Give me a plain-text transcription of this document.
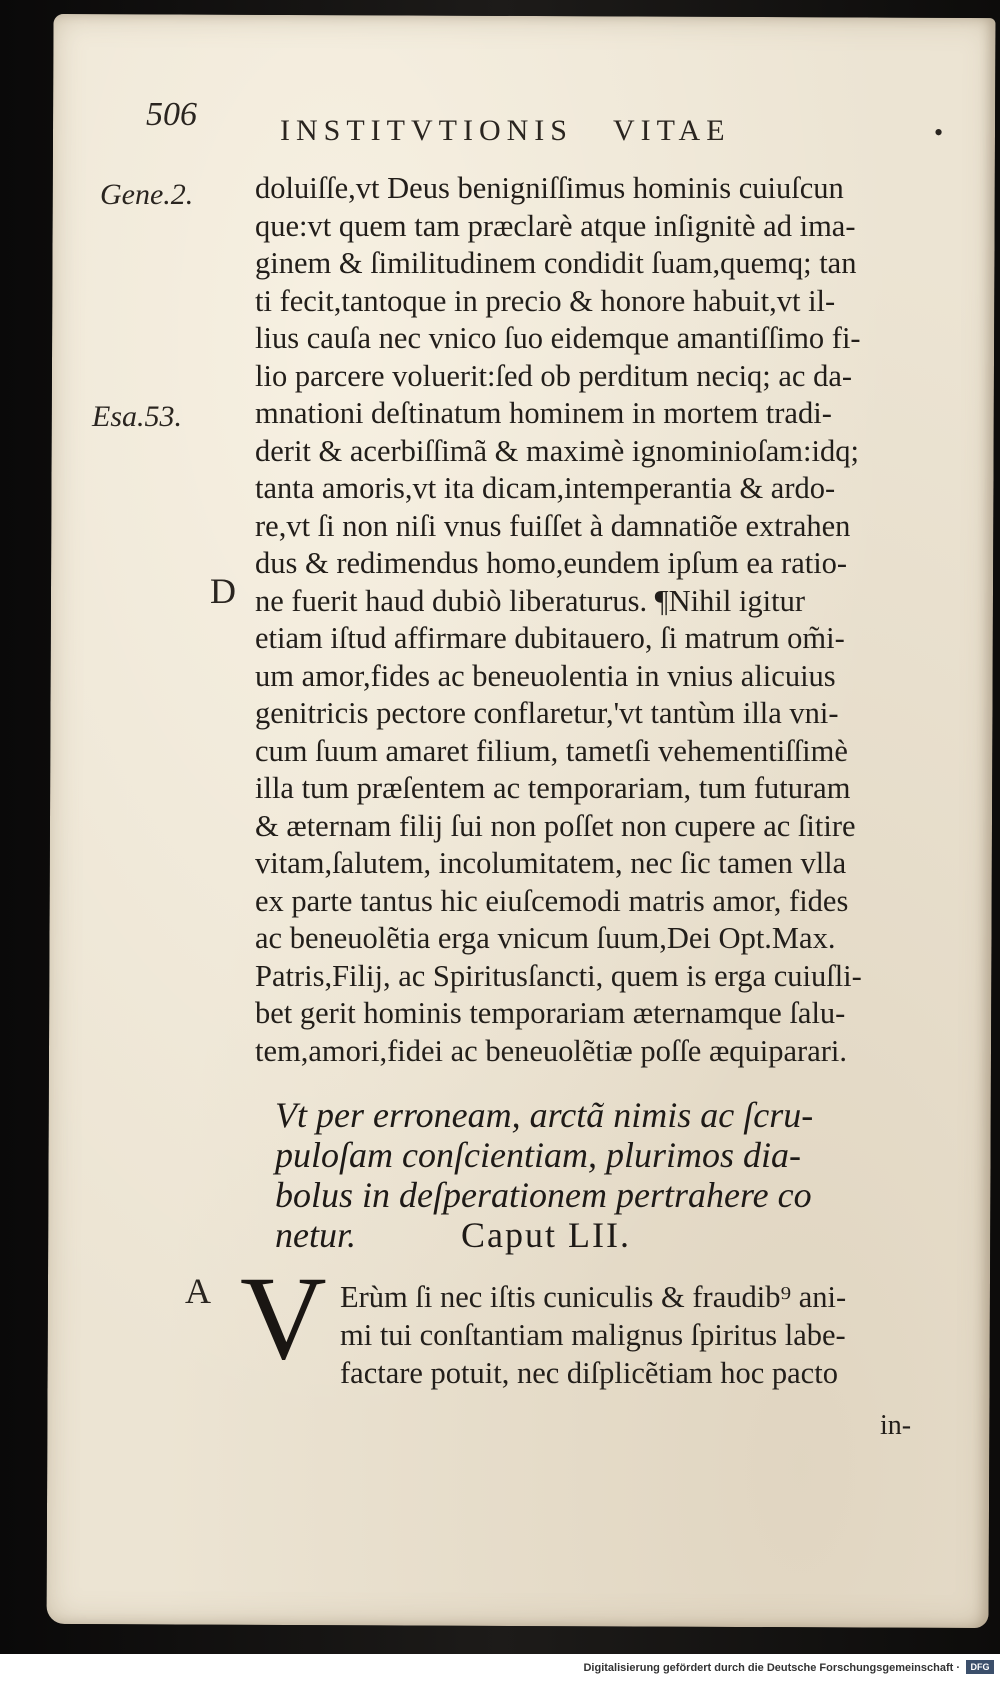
506	INSTITVTIONIS VITAE	•
Gene.2.
Esa.53.
D
A
doluiſſe,vt Deus benigniſſimus hominis cuiuſcun
que:vt quem tam præclarè atque inſignitè ad ima-
ginem & ſimilitudinem condidit ſuam,quemq; tan
ti fecit,tantoque in precio & honore habuit,vt il-
lius cauſa nec vnico ſuo eidemque amantiſſimo fi-
lio parcere voluerit:ſed ob perditum neciq; ac da-
mnationi deſtinatum hominem in mortem tradi-
derit & acerbiſſimã & maximè ignominioſam:idq;
tanta amoris,vt ita dicam,intemperantia & ardo-
re,vt ſi non niſi vnus fuiſſet à damnatiõe extrahen
dus & redimendus homo,eundem ipſum ea ratio-
ne fuerit haud dubiò liberaturus. ¶Nihil igitur
etiam iſtud affirmare dubitauero, ſi matrum om̃i-
um amor,fides ac beneuolentia in vnius alicuius
genitricis pectore conflaretur,'vt tantùm illa vni-
cum ſuum amaret filium, tametſi vehementiſſimè
illa tum præſentem ac temporariam, tum futuram
& æternam filij ſui non poſſet non cupere ac ſitire
vitam,ſalutem, incolumitatem, nec ſic tamen vlla
ex parte tantus hic eiuſcemodi matris amor, fides
ac beneuolẽtia erga vnicum ſuum,Dei Opt.Max.
Patris,Filij, ac Spiritusſancti, quem is erga cuiuſli-
bet gerit hominis temporariam æternamque ſalu-
tem,amori,fidei ac beneuolẽtiæ poſſe æquiparari.
Vt per erroneam, arctã nimis ac ſcru-
puloſam conſcientiam, plurimos dia-
bolus in deſperationem pertrahere co
netur.	Caput LII.
V Erùm ſi nec iſtis cuniculis & fraudib⁹ ani-
mi tui conſtantiam malignus ſpiritus labe-
factare potuit, nec diſplicẽtiam hoc pacto
in-
Digitalisierung gefördert durch die Deutsche Forschungsgemeinschaft ·	DFG
